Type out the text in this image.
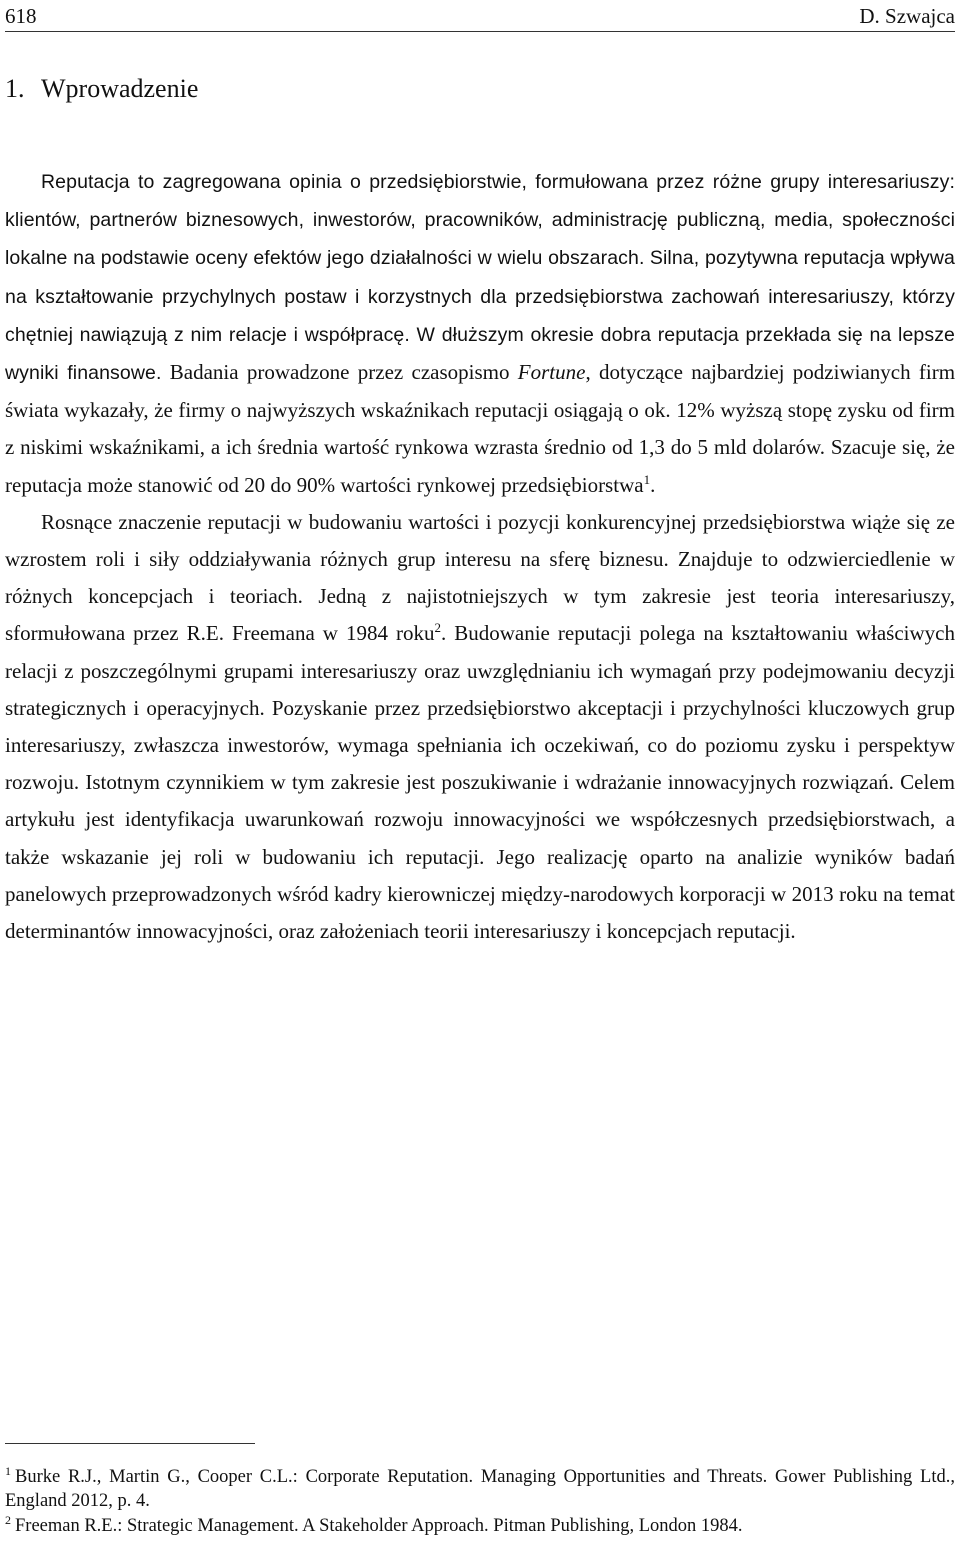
618	D. Szwajca
1. Wprowadzenie

Reputacja to zagregowana opinia o przedsiębiorstwie, formułowana przez różne grupy interesariuszy: klientów, partnerów biznesowych, inwestorów, pracowników, administrację publiczną, media, społeczności lokalne na podstawie oceny efektów jego działalności w wielu obszarach. Silna, pozytywna reputacja wpływa na kształtowanie przychylnych postaw i korzystnych dla przedsiębiorstwa zachowań interesariuszy, którzy chętniej nawiązują z nim relacje i współpracę. W dłuższym okresie dobra reputacja przekłada się na lepsze wyniki finansowe. Badania prowadzone przez czasopismo Fortune, dotyczące najbardziej podziwianych firm świata wykazały, że firmy o najwyższych wskaźnikach reputacji osiągają o ok. 12% wyższą stopę zysku od firm z niskimi wskaźnikami, a ich średnia wartość rynkowa wzrasta średnio od 1,3 do 5 mld dolarów. Szacuje się, że reputacja może stanowić od 20 do 90% wartości rynkowej przedsiębiorstwa$^1$.

Rosnące znaczenie reputacji w budowaniu wartości i pozycji konkurencyjnej przedsiębiorstwa wiąże się ze wzrostem roli i siły oddziaływania różnych grup interesu na sferę biznesu. Znajduje to odzwierciedlenie w różnych koncepcjach i teoriach. Jedną z najistotniejszych w tym zakresie jest teoria interesariuszy, sformułowana przez R.E. Freemana w 1984 roku$^2$. Budowanie reputacji polega na kształtowaniu właściwych relacji z poszczególnymi grupami interesariuszy oraz uwzględnianiu ich wymagań przy podejmowaniu decyzji strategicznych i operacyjnych. Pozyskanie przez przedsiębiorstwo akceptacji i przychylności kluczowych grup interesariuszy, zwłaszcza inwestorów, wymaga spełniania ich oczekiwań, co do poziomu zysku i perspektyw rozwoju. Istotnym czynnikiem w tym zakresie jest poszukiwanie i wdrażanie innowacyjnych rozwiązań. Celem artykułu jest identyfikacja uwarunkowań rozwoju innowacyjności we współczesnych przedsiębiorstwach, a także wskazanie jej roli w budowaniu ich reputacji. Jego realizację oparto na analizie wyników badań panelowych przeprowadzonych wśród kadry kierowniczej między-narodowych korporacji w 2013 roku na temat determinantów innowacyjności, oraz założeniach teorii interesariuszy i koncepcjach reputacji.

$^1$ Burke R.J., Martin G., Cooper C.L.: Corporate Reputation. Managing Opportunities and Threats. Gower Publishing Ltd., England 2012, p. 4.

$^2$ Freeman R.E.: Strategic Management. A Stakeholder Approach. Pitman Publishing, London 1984.
